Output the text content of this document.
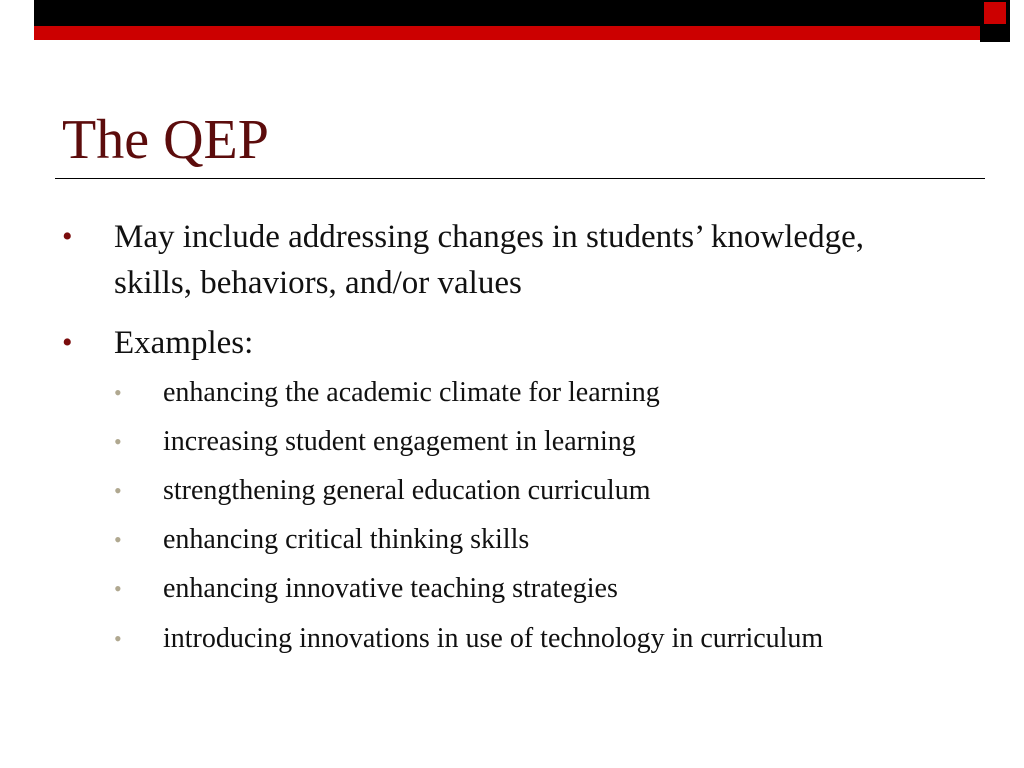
The QEP
• May include addressing changes in students’ knowledge, skills, behaviors, and/or values
• Examples:
• enhancing the academic climate for learning
• increasing student engagement in learning
• strengthening general education curriculum
• enhancing critical thinking skills
• enhancing innovative teaching strategies
• introducing innovations in use of technology in curriculum
